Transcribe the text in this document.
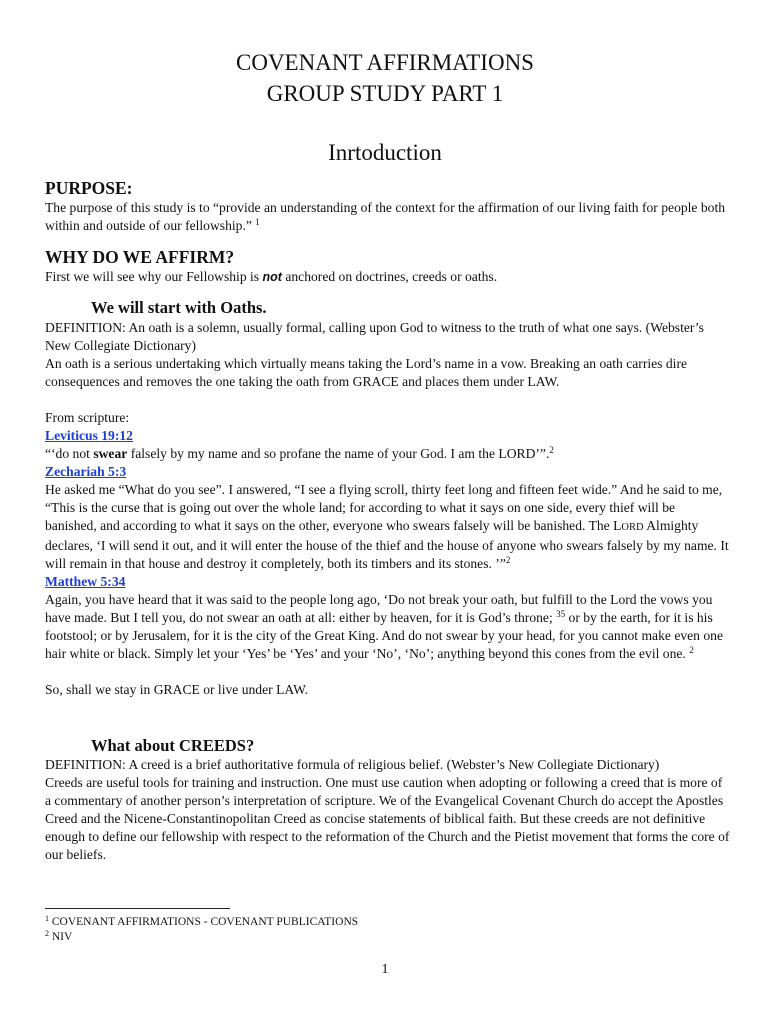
COVENANT AFFIRMATIONS
GROUP STUDY PART 1
Inrtoduction
PURPOSE:
The purpose of this study is to “provide an understanding of the context for the affirmation of our living faith for people both within and outside of our fellowship.” $^1$
WHY DO WE AFFIRM?
First we will see why our Fellowship is not anchored on doctrines, creeds or oaths.
We will start with Oaths.

DEFINITION: An oath is a solemn, usually formal, calling upon God to witness to the truth of what one says. (Webster’s New Collegiate Dictionary)

An oath is a serious undertaking which virtually means taking the Lord’s name in a vow. Breaking an oath carries dire consequences and removes the one taking the oath from GRACE and places them under LAW.

From scripture:

Leviticus 19:12

“‘do not swear falsely by my name and so profane the name of your God. I am the LORD’”.$^2$

Zechariah 5:3

He asked me “What do you see”. I answered, “I see a flying scroll, thirty feet long and fifteen feet wide.” And he said to me, “This is the curse that is going out over the whole land; for according to what it says on one side, every thief will be banished, and according to what it says on the other, everyone who swears falsely will be banished. The LORD Almighty declares, ‘I will send it out, and it will enter the house of the thief and the house of anyone who swears falsely by my name. It will remain in that house and destroy it completely, both its timbers and its stones. ’”$^2$

Matthew 5:34

Again, you have heard that it was said to the people long ago, ‘Do not break your oath, but fulfill to the Lord the vows you have made. But I tell you, do not swear an oath at all: either by heaven, for it is God’s throne; $^{35}$ or by the earth, for it is his footstool; or by Jerusalem, for it is the city of the Great King. And do not swear by your head, for you cannot make even one hair white or black. Simply let your ‘Yes’ be ‘Yes’ and your ‘No’, ‘No’; anything beyond this cones from the evil one. $^2$

So, shall we stay in GRACE or live under LAW.

What about CREEDS?

DEFINITION: A creed is a brief authoritative formula of religious belief. (Webster’s New Collegiate Dictionary)

Creeds are useful tools for training and instruction. One must use caution when adopting or following a creed that is more of a commentary of another person’s interpretation of scripture. We of the Evangelical Covenant Church do accept the Apostles Creed and the Nicene-Constantinopolitan Creed as concise statements of biblical faith. But these creeds are not definitive enough to define our fellowship with respect to the reformation of the Church and the Pietist movement that forms the core of our beliefs.

$^1$ COVENANT AFFIRMATIONS - COVENANT PUBLICATIONS
$^2$ NIV
1
